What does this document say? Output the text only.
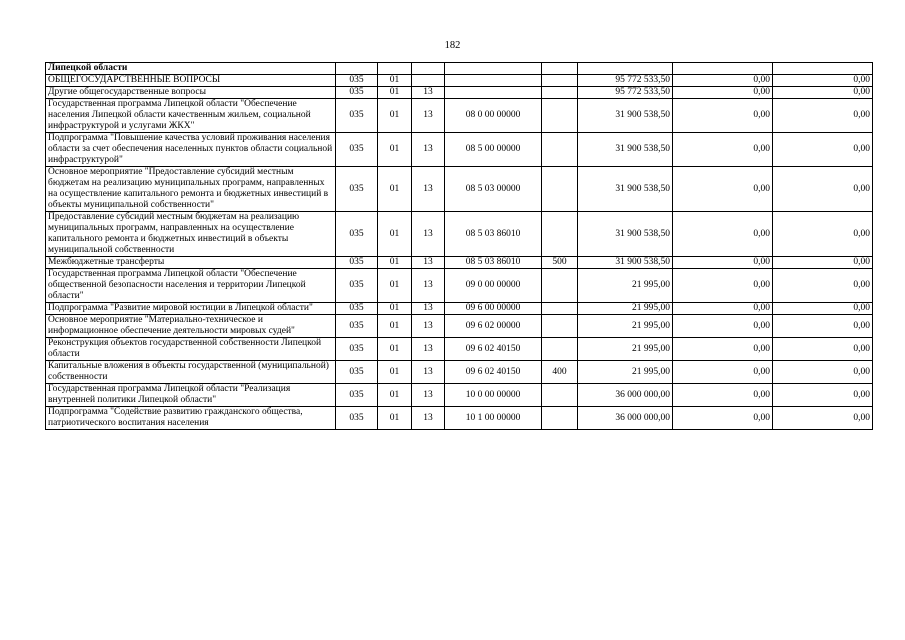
182
Липецкой области								
ОБЩЕГОСУДАРСТВЕННЫЕ ВОПРОСЫ	035	01				95 772 533,50	0,00	0,00
Другие общегосударственные вопросы	035	01	13			95 772 533,50	0,00	0,00
Государственная программа Липецкой области "Обеспечение населения Липецкой области качественным жильем, социальной инфраструктурой и услугами ЖКХ"	035	01	13	08 0 00 00000		31 900 538,50	0,00	0,00
Подпрограмма "Повышение качества условий проживания населения области за счет обеспечения населенных пунктов области социальной инфраструктурой"	035	01	13	08 5 00 00000		31 900 538,50	0,00	0,00
Основное мероприятие "Предоставление субсидий местным бюджетам на реализацию муниципальных программ, направленных на осуществление капитального ремонта и бюджетных инвестиций в объекты муниципальной собственности"	035	01	13	08 5 03 00000		31 900 538,50	0,00	0,00
Предоставление субсидий местным бюджетам на реализацию муниципальных программ, направленных на осуществление капитального ремонта и бюджетных инвестиций в объекты муниципальной собственности	035	01	13	08 5 03 86010		31 900 538,50	0,00	0,00
Межбюджетные трансферты	035	01	13	08 5 03 86010	500	31 900 538,50	0,00	0,00
Государственная программа Липецкой области "Обеспечение общественной безопасности населения и территории Липецкой области"	035	01	13	09 0 00 00000		21 995,00	0,00	0,00
Подпрограмма "Развитие мировой юстиции в Липецкой области"	035	01	13	09 6 00 00000		21 995,00	0,00	0,00
Основное мероприятие "Материально-техническое и информационное обеспечение деятельности мировых судей"	035	01	13	09 6 02 00000		21 995,00	0,00	0,00
Реконструкция объектов государственной собственности Липецкой области	035	01	13	09 6 02 40150		21 995,00	0,00	0,00
Капитальные вложения в объекты государственной (муниципальной) собственности	035	01	13	09 6 02 40150	400	21 995,00	0,00	0,00
Государственная программа Липецкой области "Реализация внутренней политики Липецкой области"	035	01	13	10 0 00 00000		36 000 000,00	0,00	0,00
Подпрограмма "Содействие развитию гражданского общества, патриотического воспитания населения	035	01	13	10 1 00 00000		36 000 000,00	0,00	0,00
